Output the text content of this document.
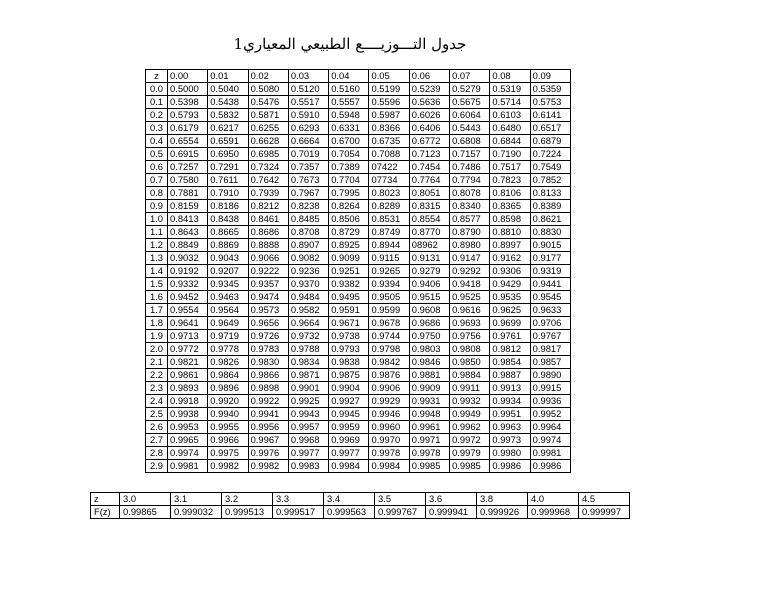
جدول التـــوزيــــع الطبيعي المعياري1
z	0.00	0.01	0.02	0.03	0.04	0.05	0.06	0.07	0.08	0.09
0.0	0.5000	0.5040	0.5080	0.5120	0.5160	0.5199	0.5239	0.5279	0.5319	0.5359
0.1	0.5398	0.5438	0.5476	0.5517	0.5557	0.5596	0.5636	0.5675	0.5714	0.5753
0.2	0.5793	0.5832	0.5871	0.5910	0.5948	0.5987	0.6026	0.6064	0.6103	0.6141
0.3	0.6179	0.6217	0.6255	0.6293	0.6331	0.8366	0.6406	0.5443	0.6480	0.6517
0.4	0.6554	0.6591	0.6628	0.6664	0.6700	0.6735	0.6772	0.6808	0.6844	0.6879
0.5	0.6915	0.6950	0.6985	0.7019	0.7054	0.7088	0.7123	0.7157	0.7190	0.7224
0.6	0.7257	0.7291	0.7324	0.7357	0.7389	07422	0.7454	0.7486	0.7517	0.7549
0.7	0.7580	0.7611	0.7642	0.7673	0.7704	07734	0.7764	0.7794	0.7823	0.7852
0.8	0.7881	0.7910	0.7939	0.7967	0.7995	0.8023	0.8051	0.8078	0.8106	0.8133
0.9	0.8159	0.8186	0.8212	0.8238	0.8264	0.8289	0.8315	0.8340	0.8365	0.8389
1.0	0.8413	0.8438	0.8461	0.8485	0.8506	0.8531	0.8554	0.8577	0.8598	0.8621
1.1	0.8643	0.8665	0.8686	0.8708	0.8729	0.8749	0.8770	0.8790	0.8810	0.8830
1.2	0.8849	0.8869	0.8888	0.8907	0.8925	0.8944	08962	0.8980	0.8997	0.9015
1.3	0.9032	0.9043	0.9066	0.9082	0.9099	0.9115	0.9131	0.9147	0.9162	0.9177
1.4	0.9192	0.9207	0.9222	0.9236	0.9251	0.9265	0.9279	0.9292	0.9306	0.9319
1.5	0.9332	0.9345	0.9357	0.9370	0.9382	0.9394	0.9406	0.9418	0.9429	0.9441
1.6	0.9452	0.9463	0.9474	0.9484	0.9495	0.9505	0.9515	0.9525	0.9535	0.9545
1.7	0.9554	0.9564	0.9573	0.9582	0.9591	0.9599	0.9608	0.9616	0.9625	0.9633
1.8	0.9641	0.9649	0.9656	0.9664	0.9671	0.9678	0.9686	0.9693	0.9699	0.9706
1.9	0.9713	0.9719	0.9726	0.9732	0.9738	0.9744	0.9750	0.9756	0.9761	0.9767
2.0	0.9772	0.9778	0.9783	0.9788	0.9793	0.9798	0.9803	0.9808	0.9812	0.9817
2.1	0.9821	0.9826	0.9830	0.9834	0.9838	0.9842	0.9846	0.9850	0.9854	0.9857
2.2	0.9861	0.9864	0.9866	0.9871	0.9875	0.9876	0.9881	0.9884	0.9887	0.9890
2.3	0.9893	0.9896	0.9898	0.9901	0.9904	0.9906	0.9909	0.9911	0.9913	0.9915
2.4	0.9918	0.9920	0.9922	0.9925	0.9927	0.9929	0.9931	0.9932	0.9934	0.9936
2.5	0.9938	0.9940	0.9941	0.9943	0.9945	0.9946	0.9948	0.9949	0.9951	0.9952
2.6	0.9953	0.9955	0.9956	0.9957	0.9959	0.9960	0.9961	0.9962	0.9963	0.9964
2.7	0.9965	0.9966	0.9967	0.9968	0.9969	0.9970	0.9971	0.9972	0.9973	0.9974
2.8	0.9974	0.9975	0.9976	0.9977	0.9977	0.9978	0.9978	0.9979	0.9980	0.9981
2.9	0.9981	0.9982	0.9982	0.9983	0.9984	0.9984	0.9985	0.9985	0.9986	0.9986
z	3.0	3.1	3.2	3.3	3.4	3.5	3.6	3.8	4.0	4.5
F(z)	0.99865	0.999032	0.999513	0.999517	0.999563	0.999767	0.999941	0.999926	0.999968	0.999997
